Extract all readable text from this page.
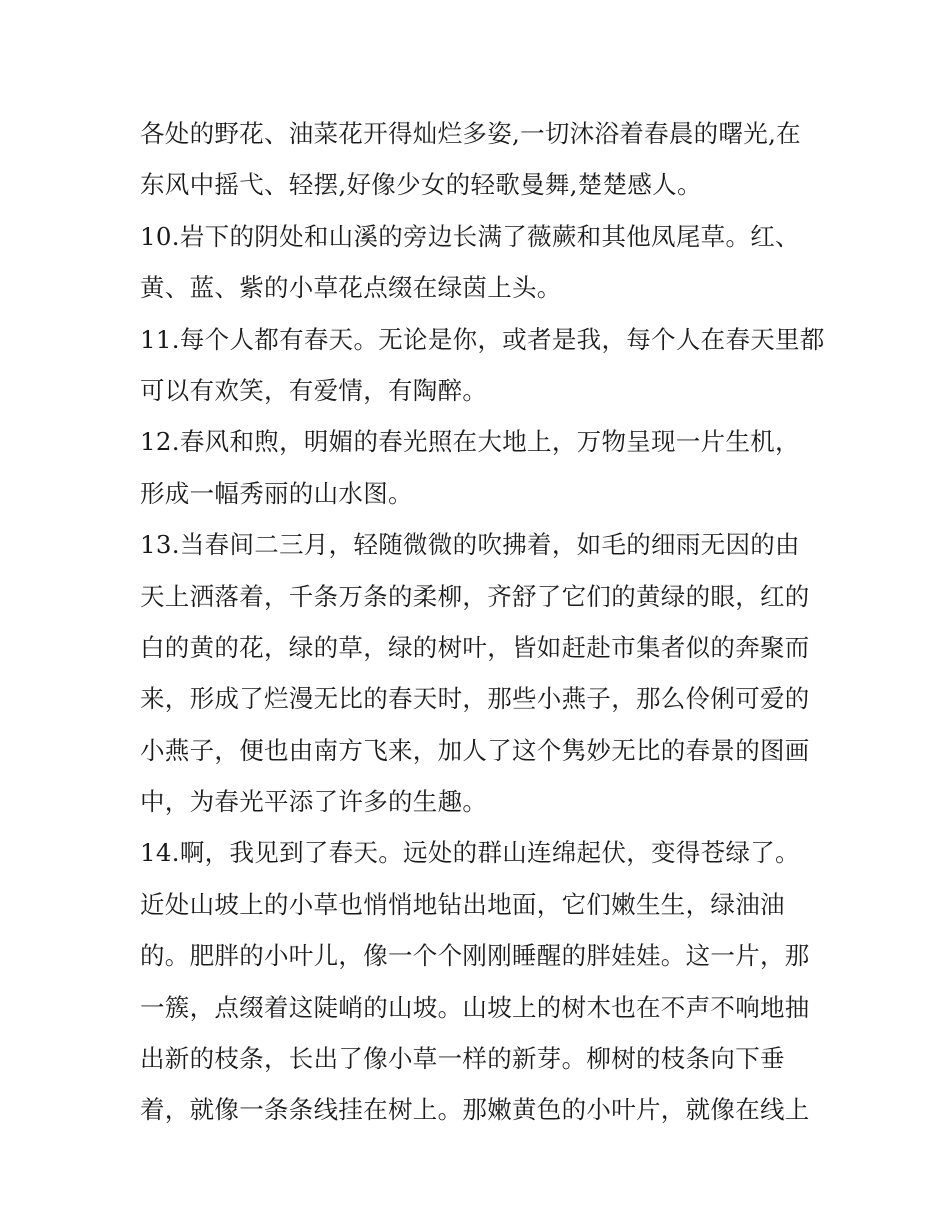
各处的野花、油菜花开得灿烂多姿,一切沐浴着春晨的曙光,在
东风中摇弋、轻摆,好像少女的轻歌曼舞,楚楚感人。
10.岩下的阴处和山溪的旁边长满了薇蕨和其他凤尾草。红、
黄、蓝、紫的小草花点缀在绿茵上头。
11.每个人都有春天。无论是你，或者是我，每个人在春天里都
可以有欢笑，有爱情，有陶醉。
12.春风和煦，明媚的春光照在大地上，万物呈现一片生机，
形成一幅秀丽的山水图。
13.当春间二三月，轻随微微的吹拂着，如毛的细雨无因的由
天上洒落着，千条万条的柔柳，齐舒了它们的黄绿的眼，红的
白的黄的花，绿的草，绿的树叶，皆如赶赴市集者似的奔聚而
来，形成了烂漫无比的春天时，那些小燕子，那么伶俐可爱的
小燕子，便也由南方飞来，加人了这个隽妙无比的春景的图画
中，为春光平添了许多的生趣。
14.啊，我见到了春天。远处的群山连绵起伏，变得苍绿了。
近处山坡上的小草也悄悄地钻出地面，它们嫩生生，绿油油
的。肥胖的小叶儿，像一个个刚刚睡醒的胖娃娃。这一片，那
一簇，点缀着这陡峭的山坡。山坡上的树木也在不声不响地抽
出新的枝条，长出了像小草一样的新芽。柳树的枝条向下垂
着，就像一条条线挂在树上。那嫩黄色的小叶片，就像在线上
